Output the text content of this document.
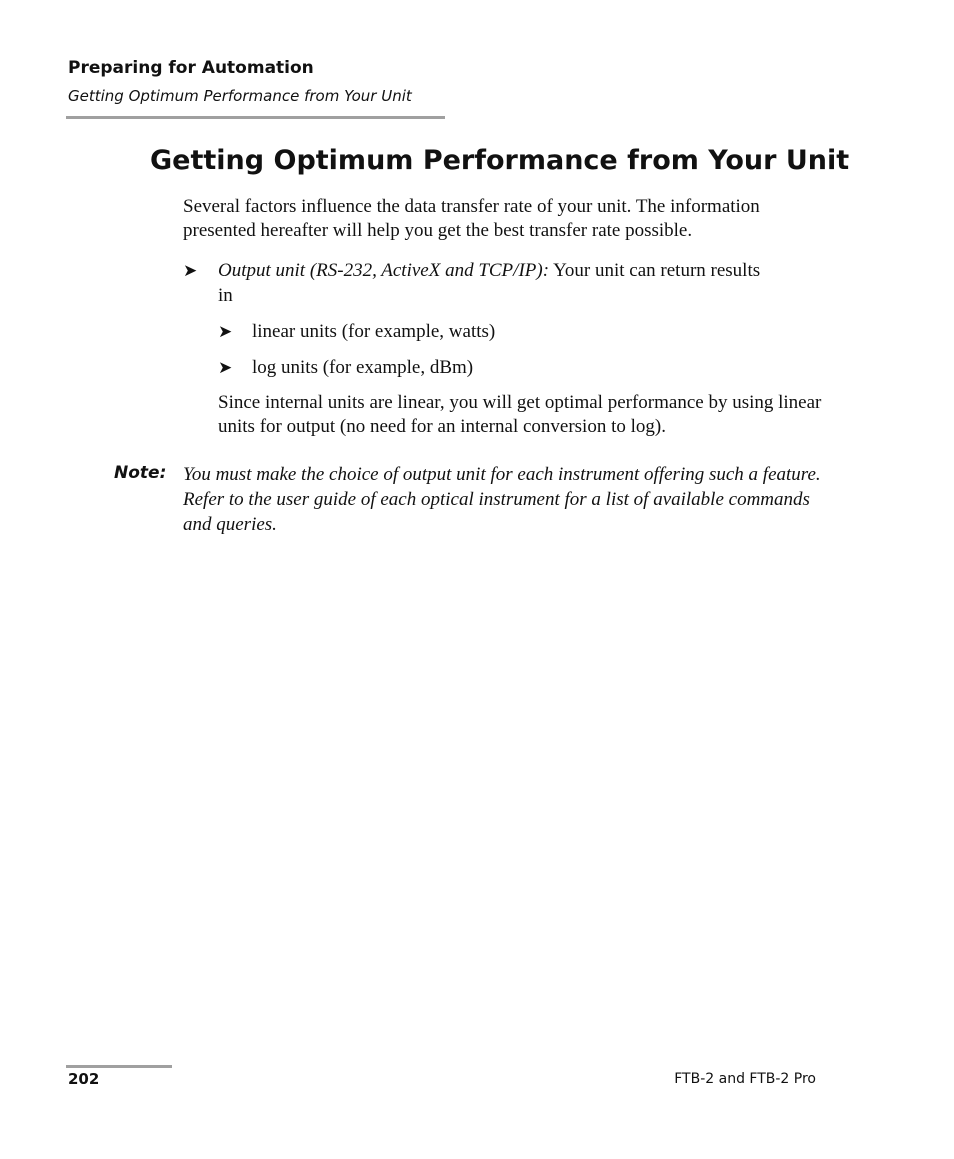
Preparing for Automation
Getting Optimum Performance from Your Unit
Getting Optimum Performance from Your Unit

Several factors influence the data transfer rate of your unit. The information presented hereafter will help you get the best transfer rate possible.

➤	Output unit (RS-232, ActiveX and TCP/IP): Your unit can return results
in
➤ linear units (for example, watts)
➤ log units (for example, dBm)

Since internal units are linear, you will get optimal performance by using linear units for output (no need for an internal conversion to log).

Note: You must make the choice of output unit for each instrument offering such a feature. Refer to the user guide of each optical instrument for a list of available commands and queries.

202	FTB-2 and FTB-2 Pro
